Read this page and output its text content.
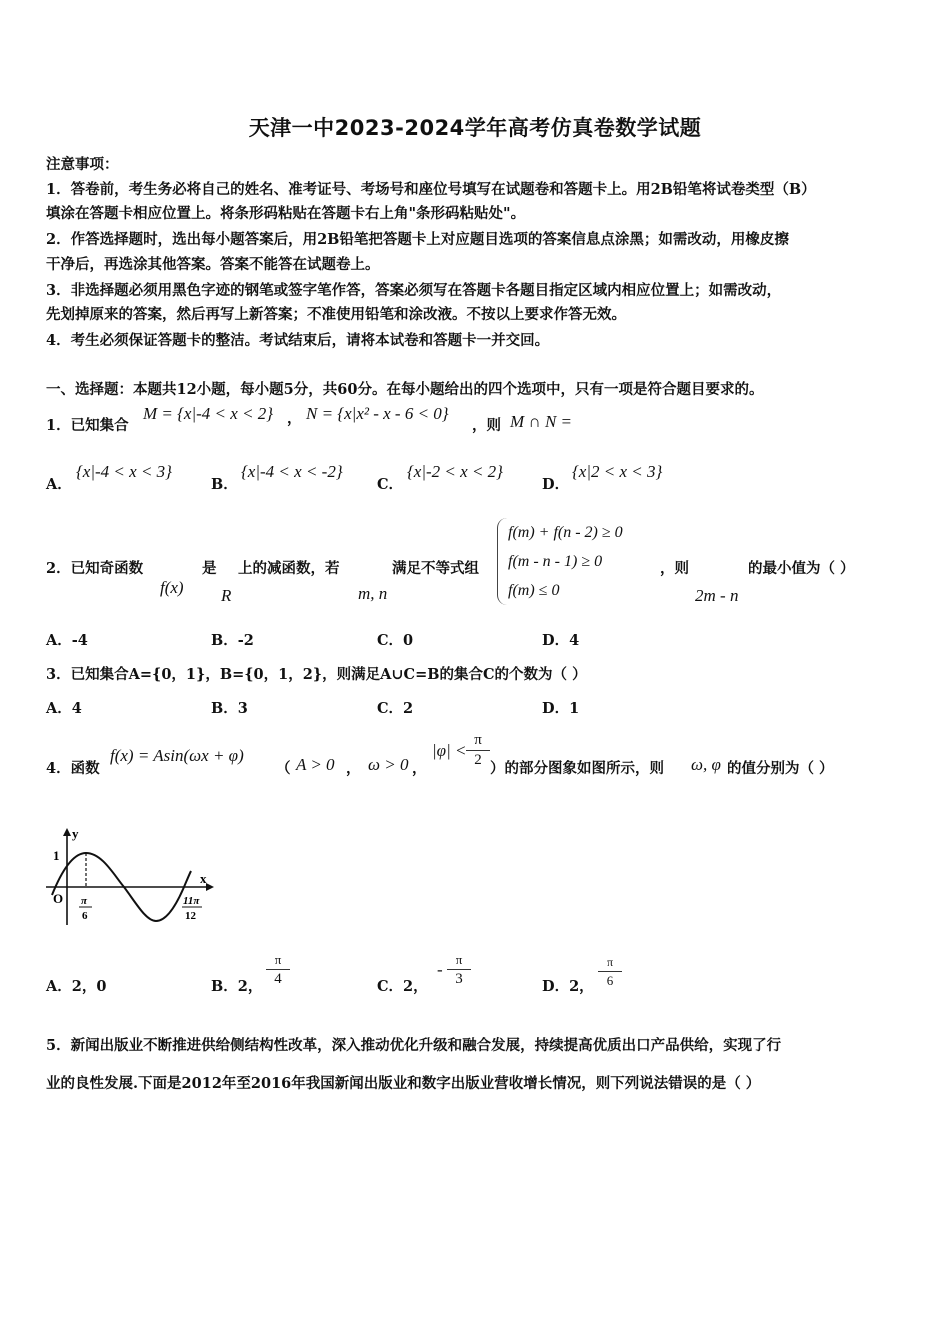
天津一中2023-2024学年高考仿真卷数学试题
注意事项：
1．答卷前，考生务必将自己的姓名、准考证号、考场号和座位号填写在试题卷和答题卡上。用2B铅笔将试卷类型（B）
填涂在答题卡相应位置上。将条形码粘贴在答题卡右上角"条形码粘贴处"。
2．作答选择题时，选出每小题答案后，用2B铅笔把答题卡上对应题目选项的答案信息点涂黑；如需改动，用橡皮擦
干净后，再选涂其他答案。答案不能答在试题卷上。
3．非选择题必须用黑色字迹的钢笔或签字笔作答，答案必须写在答题卡各题目指定区域内相应位置上；如需改动，
先划掉原来的答案，然后再写上新答案；不准使用铅笔和涂改液。不按以上要求作答无效。
4．考生必须保证答题卡的整洁。考试结束后，请将本试卷和答题卡一并交回。
一、选择题：本题共12小题，每小题5分，共60分。在每小题给出的四个选项中，只有一项是符合题目要求的。
1．已知集合
M = {x|-4 < x < 2} ， N = {x|x² - x - 6 < 0}
，则 M ∩ N =
A．
{x|-4 < x < 3}
B．
{x|-4 < x < -2}
C．
{x|-2 < x < 2}
D．
{x|2 < x < 3}
2．已知奇函数	是 上的减函数，若	满足不等式组	，则	的最小值为（ ）
f(x) R	m, n	2m - n
f(m) + f(n - 2) ≥ 0
f(m - n - 1) ≥ 0
f(m) ≤ 0
A．-4	B．-2	C．0	D．4
3．已知集合A={0，1}，B={0，1，2}，则满足A∪C=B的集合C的个数为（ ）
A．4	B．3	C．2	D．1
4．函数
f(x) = Asin(ωx + φ)
（ A > 0 ， ω > 0 ，
$|\varphi| < \frac{\pi}{2}$ ）的部分图象如图所示，则 ω, φ 的值分别为（ ）
y
x
1
O π
6
11π
12
A．2，0	B．2， $\frac{\pi}{4}$	C．2，
- $\frac{\pi}{3}$	D．2， $\frac{\pi}{6}$
5．新闻出版业不断推进供给侧结构性改革，深入推动优化升级和融合发展，持续提高优质出口产品供给，实现了行
业的良性发展.下面是2012年至2016年我国新闻出版业和数字出版业营收增长情况，则下列说法错误的是（ ）
